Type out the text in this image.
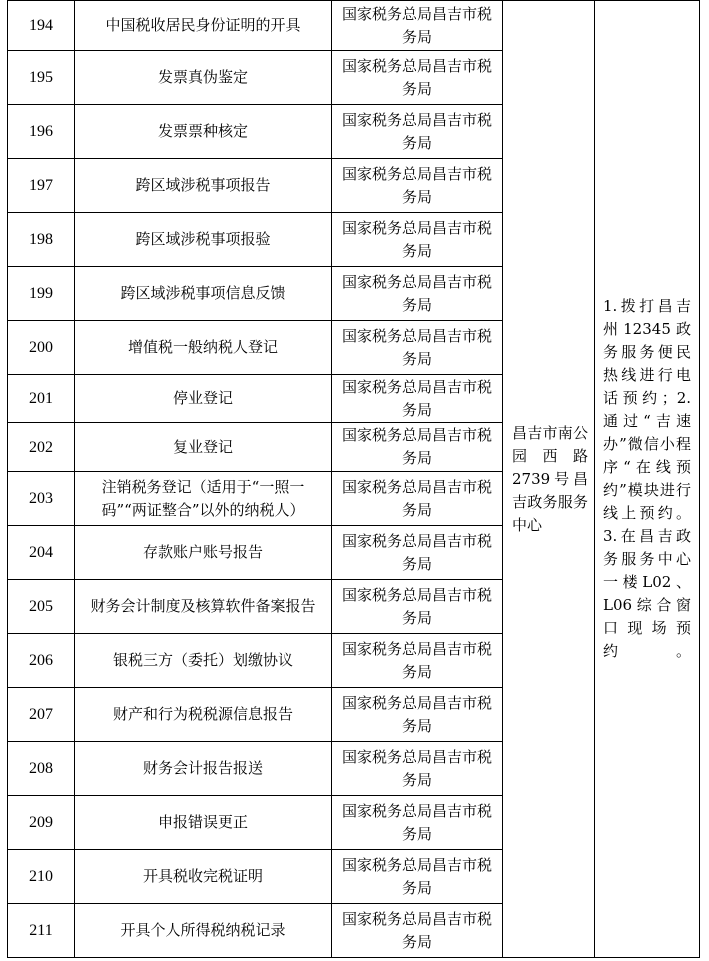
194	中国税收居民身份证明的开具	国家税务总局昌吉市税务局	昌吉市南公园西路2739号昌吉政务服务中心	1.拨打昌吉州12345政务服务便民热线进行电话预约；2.通过“吉速办”微信小程序“在线预约”模块进行线上预约。3.在昌吉政务服务中心一楼L02、L06综合窗口现场预约。

195	发票真伪鉴定	国家税务总局昌吉市税务局		
196	发票票种核定	国家税务总局昌吉市税务局		
197	跨区域涉税事项报告	国家税务总局昌吉市税务局		
198	跨区域涉税事项报验	国家税务总局昌吉市税务局		
199	跨区域涉税事项信息反馈	国家税务总局昌吉市税务局		
200	增值税一般纳税人登记	国家税务总局昌吉市税务局		
201	停业登记	国家税务总局昌吉市税务局		
202	复业登记	国家税务总局昌吉市税务局		
203	注销税务登记（适用于“一照一码”“两证整合”以外的纳税人）	国家税务总局昌吉市税务局		
204	存款账户账号报告	国家税务总局昌吉市税务局		
205	财务会计制度及核算软件备案报告	国家税务总局昌吉市税务局		
206	银税三方（委托）划缴协议	国家税务总局昌吉市税务局		
207	财产和行为税税源信息报告	国家税务总局昌吉市税务局		
208	财务会计报告报送	国家税务总局昌吉市税务局		
209	申报错误更正	国家税务总局昌吉市税务局		
210	开具税收完税证明	国家税务总局昌吉市税务局		
211	开具个人所得税纳税记录	国家税务总局昌吉市税务局		
